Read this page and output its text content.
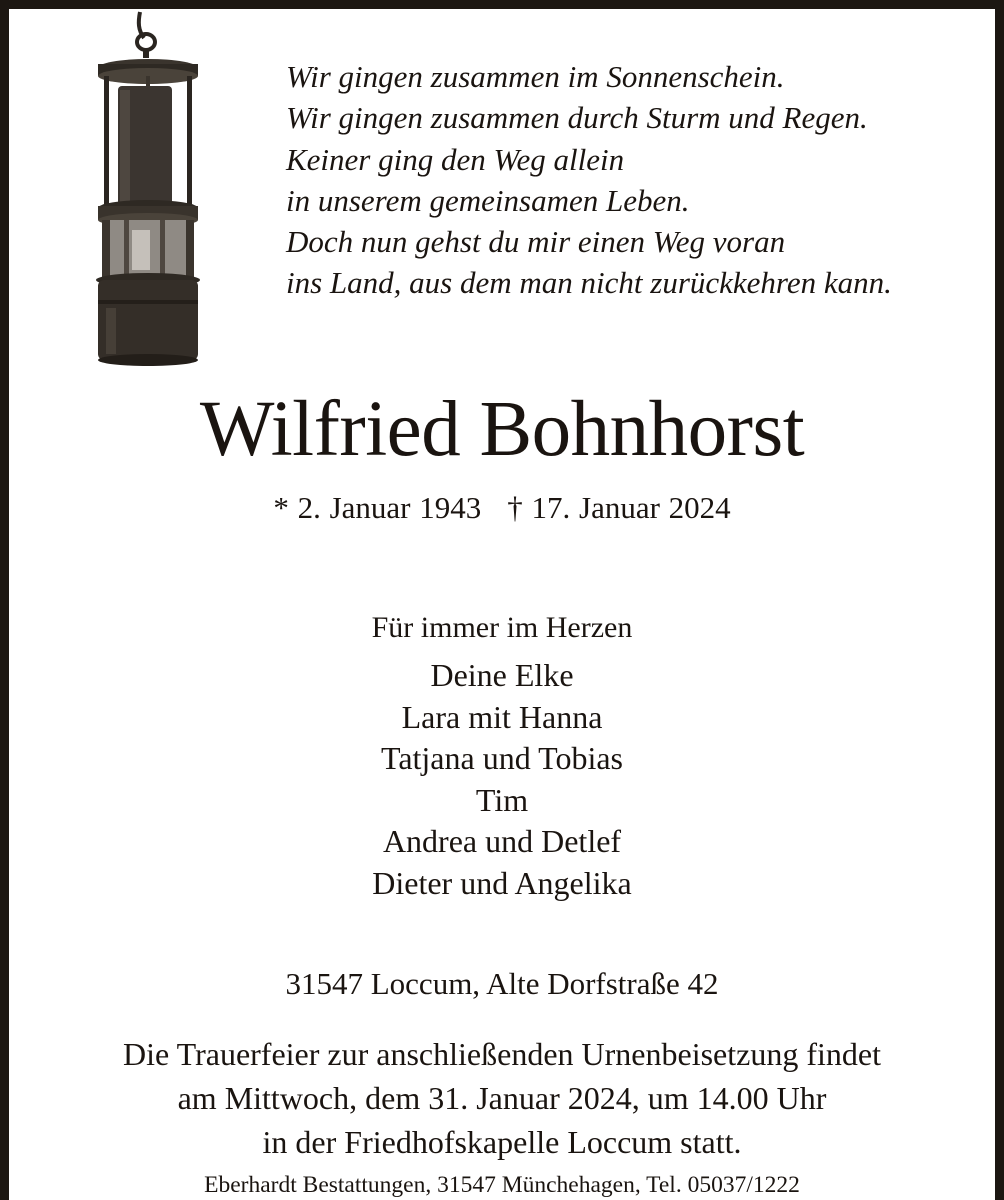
Wir gingen zusammen im Sonnenschein.
Wir gingen zusammen durch Sturm und Regen.
Keiner ging den Weg allein
in unserem gemeinsamen Leben.
Doch nun gehst du mir einen Weg voran
ins Land, aus dem man nicht zurückkehren kann.
Wilfried Bohnhorst
* 2. Januar 1943 † 17. Januar 2024
Für immer im Herzen
Deine Elke
Lara mit Hanna
Tatjana und Tobias
Tim
Andrea und Detlef
Dieter und Angelika
31547 Loccum, Alte Dorfstraße 42
Die Trauerfeier zur anschließenden Urnenbeisetzung findet
am Mittwoch, dem 31. Januar 2024, um 14.00 Uhr
in der Friedhofskapelle Loccum statt.
Eberhardt Bestattungen, 31547 Münchehagen, Tel. 05037/1222
